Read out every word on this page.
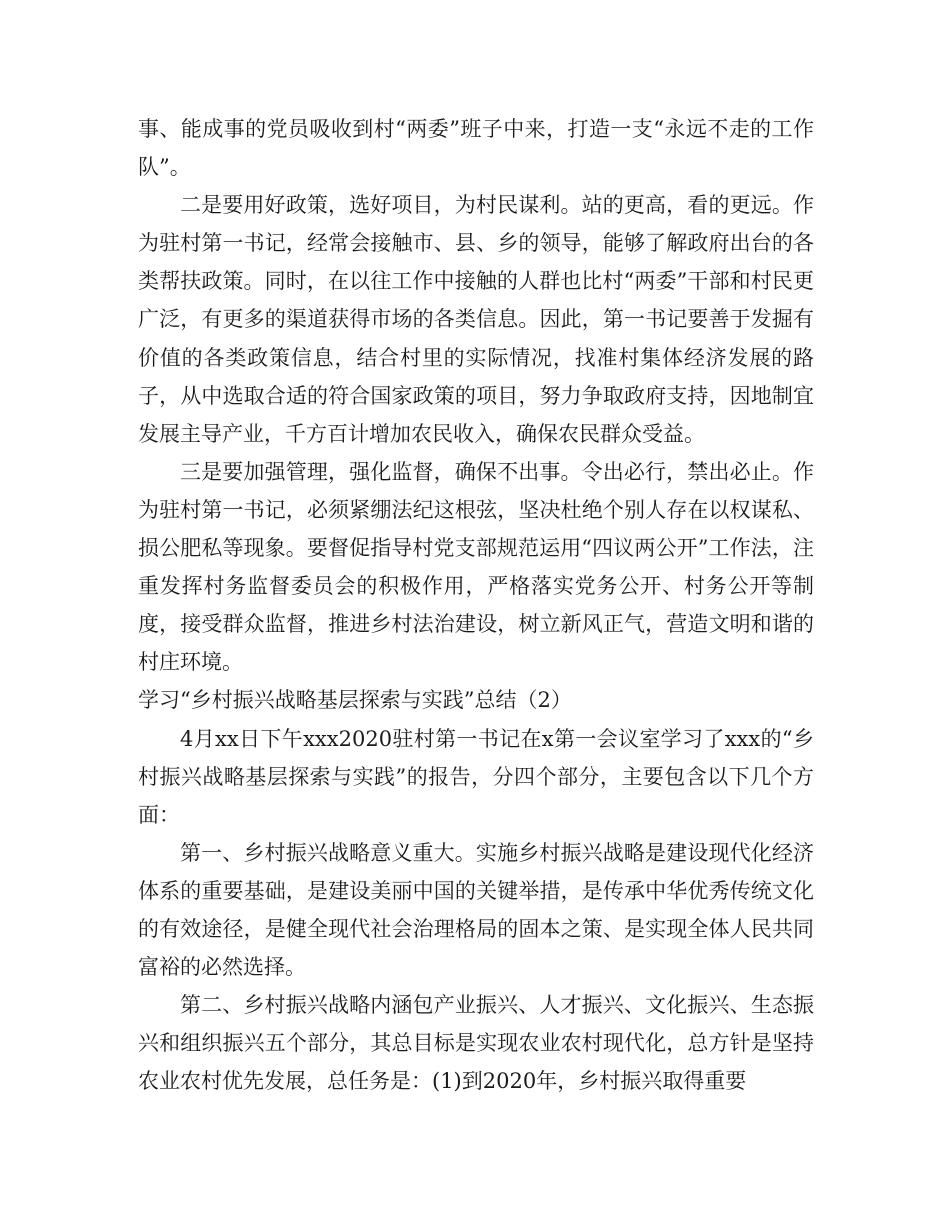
事、能成事的党员吸收到村“两委”班子中来，打造一支“永远不走的工作队”。

二是要用好政策，选好项目，为村民谋利。站的更高，看的更远。作为驻村第一书记，经常会接触市、县、乡的领导，能够了解政府出台的各类帮扶政策。同时，在以往工作中接触的人群也比村“两委”干部和村民更广泛，有更多的渠道获得市场的各类信息。因此，第一书记要善于发掘有价值的各类政策信息，结合村里的实际情况，找准村集体经济发展的路子，从中选取合适的符合国家政策的项目，努力争取政府支持，因地制宜发展主导产业，千方百计增加农民收入，确保农民群众受益。

三是要加强管理，强化监督，确保不出事。令出必行，禁出必止。作为驻村第一书记，必须紧绷法纪这根弦，坚决杜绝个别人存在以权谋私、损公肥私等现象。要督促指导村党支部规范运用“四议两公开”工作法，注重发挥村务监督委员会的积极作用，严格落实党务公开、村务公开等制度，接受群众监督，推进乡村法治建设，树立新风正气，营造文明和谐的村庄环境。

学习“乡村振兴战略基层探索与实践”总结（2）

4月xx日下午xxx2020驻村第一书记在x第一会议室学习了xxx的“乡村振兴战略基层探索与实践”的报告，分四个部分，主要包含以下几个方面：

第一、乡村振兴战略意义重大。实施乡村振兴战略是建设现代化经济体系的重要基础，是建设美丽中国的关键举措，是传承中华优秀传统文化的有效途径，是健全现代社会治理格局的固本之策、是实现全体人民共同富裕的必然选择。

第二、乡村振兴战略内涵包产业振兴、人才振兴、文化振兴、生态振兴和组织振兴五个部分，其总目标是实现农业农村现代化，总方针是坚持农业农村优先发展，总任务是：(1)到2020年，乡村振兴取得重要
